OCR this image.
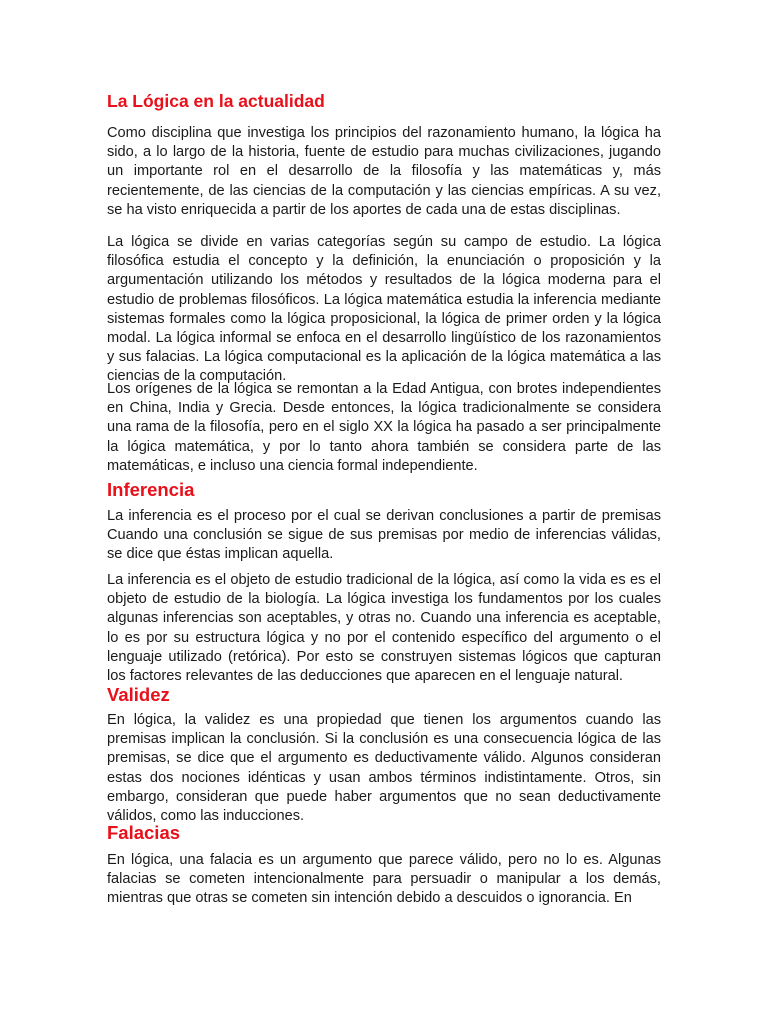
La Lógica en la actualidad

Como disciplina que investiga los principios del razonamiento humano, la lógica ha sido, a lo largo de la historia, fuente de estudio para muchas civilizaciones, jugando un importante rol en el desarrollo de la filosofía y las matemáticas y, más recientemente, de las ciencias de la computación y las ciencias empíricas. A su vez, se ha visto enriquecida a partir de los aportes de cada una de estas disciplinas.

La lógica se divide en varias categorías según su campo de estudio. La lógica filosófica estudia el concepto y la definición, la enunciación o proposición y la argumentación utilizando los métodos y resultados de la lógica moderna para el estudio de problemas filosóficos. La lógica matemática estudia la inferencia mediante sistemas formales como la lógica proposicional, la lógica de primer orden y la lógica modal. La lógica informal se enfoca en el desarrollo lingüístico de los razonamientos y sus falacias. La lógica computacional es la aplicación de la lógica matemática a las ciencias de la computación.

Los orígenes de la lógica se remontan a la Edad Antigua, con brotes independientes en China, India y Grecia. Desde entonces, la lógica tradicionalmente se considera una rama de la filosofía, pero en el siglo XX la lógica ha pasado a ser principalmente la lógica matemática, y por lo tanto ahora también se considera parte de las matemáticas, e incluso una ciencia formal independiente.

Inferencia

La inferencia es el proceso por el cual se derivan conclusiones a partir de premisas Cuando una conclusión se sigue de sus premisas por medio de inferencias válidas, se dice que éstas implican aquella.

La inferencia es el objeto de estudio tradicional de la lógica, así como la vida es es el objeto de estudio de la biología. La lógica investiga los fundamentos por los cuales algunas inferencias son aceptables, y otras no. Cuando una inferencia es aceptable, lo es por su estructura lógica y no por el contenido específico del argumento o el lenguaje utilizado (retórica). Por esto se construyen sistemas lógicos que capturan los factores relevantes de las deducciones que aparecen en el lenguaje natural.

Validez

En lógica, la validez es una propiedad que tienen los argumentos cuando las premisas implican la conclusión. Si la conclusión es una consecuencia lógica de las premisas, se dice que el argumento es deductivamente válido. Algunos consideran estas dos nociones idénticas y usan ambos términos indistintamente. Otros, sin embargo, consideran que puede haber argumentos que no sean deductivamente válidos, como las inducciones.

Falacias

En lógica, una falacia es un argumento que parece válido, pero no lo es. Algunas falacias se cometen intencionalmente para persuadir o manipular a los demás, mientras que otras se cometen sin intención debido a descuidos o ignorancia. En
